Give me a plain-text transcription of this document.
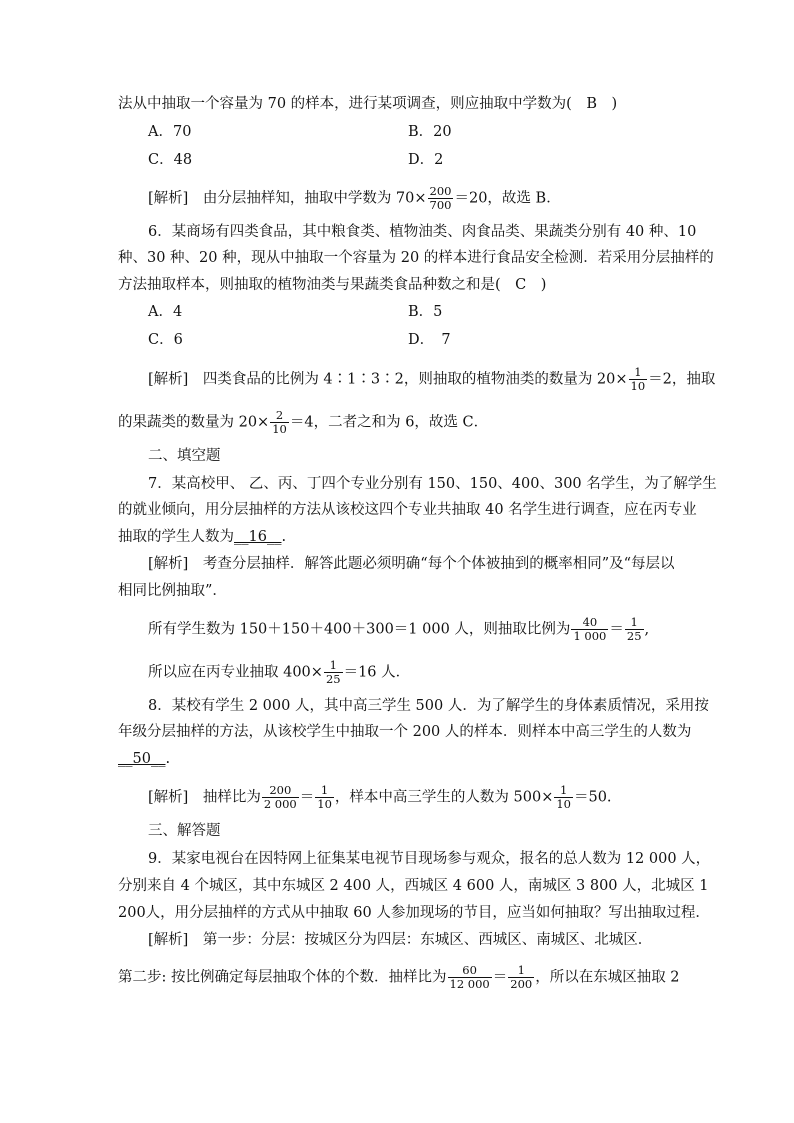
法从中抽取一个容量为 70 的样本，进行某项调查，则应抽取中学数为(　B　)
A．70	B．20
C．48	D．2
[解析]　由分层抽样知，抽取中学数为 $70\times \frac{200}{700} =20$，故选 B．
6．某商场有四类食品，其中粮食类、植物油类、肉食品类、果蔬类分别有 40 种、10
种、30 种、20 种，现从中抽取一个容量为 20 的样本进行食品安全检测．若采用分层抽样的
方法抽取样本，则抽取的植物油类与果蔬类食品种数之和是(　C　)
A．4	B．5
C．6	D．　7
[解析]　四类食品的比例为 4∶1∶3∶2，则抽取的植物油类的数量为 $20\times \frac{1}{10} =2$，抽取
的果蔬类的数量为 $20\times \frac{2}{10} =4$，二者之和为 6，故选 C．
二、填空题
7．某高校甲、 乙、丙、丁四个专业分别有 150、150、400、300 名学生，为了解学生
的就业倾向，用分层抽样的方法从该校这四个专业共抽取 40 名学生进行调查，应在丙专业
抽取的学生人数为__16__.
[解析]　考查分层抽样．解答此题必须明确“每个个体被抽到的概率相同”及“每层以
相同比例抽取”．
所有学生数为 150＋150＋400＋300＝1 000 人，则抽取比例为 $\frac{40}{1 000} = \frac{1}{25}$ ,
所以应在丙专业抽取 $400\times \frac{1}{25} =16$ 人．
8．某校有学生 2 000 人，其中高三学生 500 人．为了解学生的身体素质情况，采用按
年级分层抽样的方法，从该校学生中抽取一个 200 人的样本．则样本中高三学生的人数为
__50__.
[解析]　抽样比为 $\frac{200}{2 000} = \frac{1}{10}$ ，样本中高三学生的人数为 $500\times \frac{1}{10} =50$.
三、解答题
9．某家电视台在因特网上征集某电视节目现场参与观众，报名的总人数为 12 000 人，
分别来自 4 个城区，其中东城区 2 400 人，西城区 4 600 人，南城区 3 800 人，北城区 1
200人，用分层抽样的方式从中抽取 60 人参加现场的节目，应当如何抽取？写出抽取过程．
[解析]　第一步：分层：按城区分为四层：东城区、西城区、南城区、北城区．
第二步: 按比例确定每层抽取个体的个数．抽样比为 $\frac{60}{12 000} = \frac{1}{200}$ ，所以在东城区抽取 2
